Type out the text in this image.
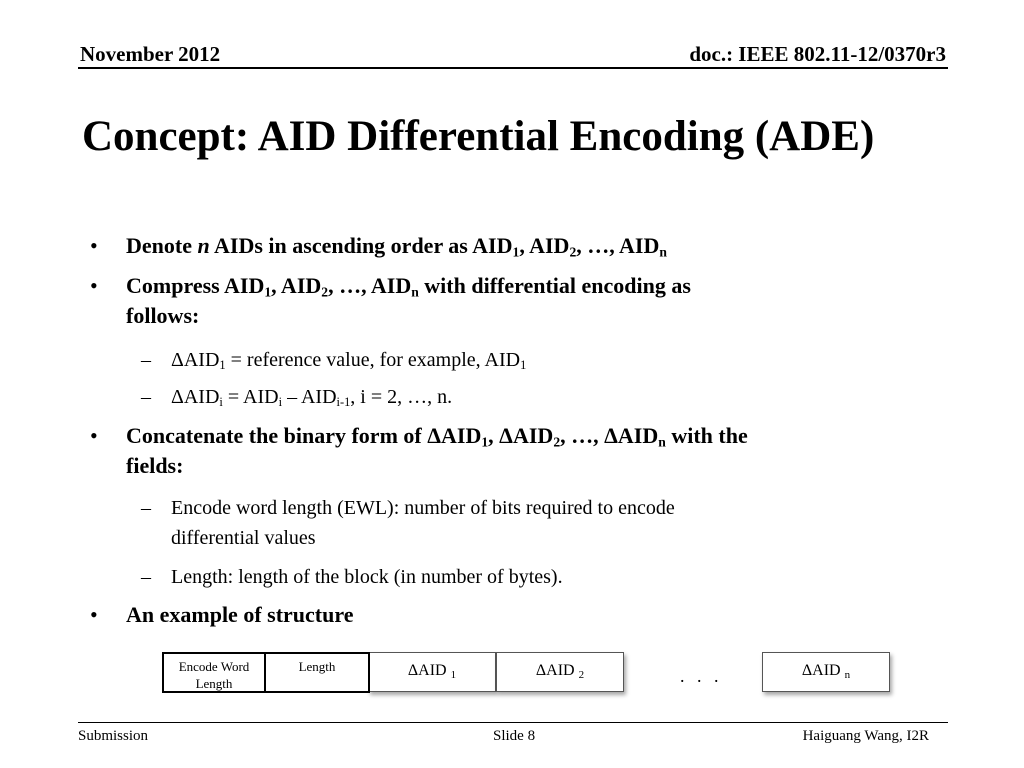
November 2012	doc.: IEEE 802.11-12/0370r3
Concept: AID Differential Encoding (ADE)
• Denote n AIDs in ascending order as $AID_1$, $AID_2$, …, $AID_n$
• Compress $AID_1$, $AID_2$, …, $AID_n$ with differential encoding as
follows:
– $\Delta AID_1$ = reference value, for example, $AID_1$
– $\Delta AID_i = AID_i - AID_{i-1}$, i = 2, …, n.
• Concatenate the binary form of $\Delta AID_1$, $\Delta AID_2$, …, $\Delta AID_n$ with the
fields:
– Encode word length (EWL): number of bits required to encode
differential values
– Length: length of the block (in number of bytes).
• An example of structure
ΔAID $_1$	ΔAID $_2$
Encode Word
Length
Length	. . .	ΔAID $_n$
Submission	Slide 8	Haiguang Wang, I2R
